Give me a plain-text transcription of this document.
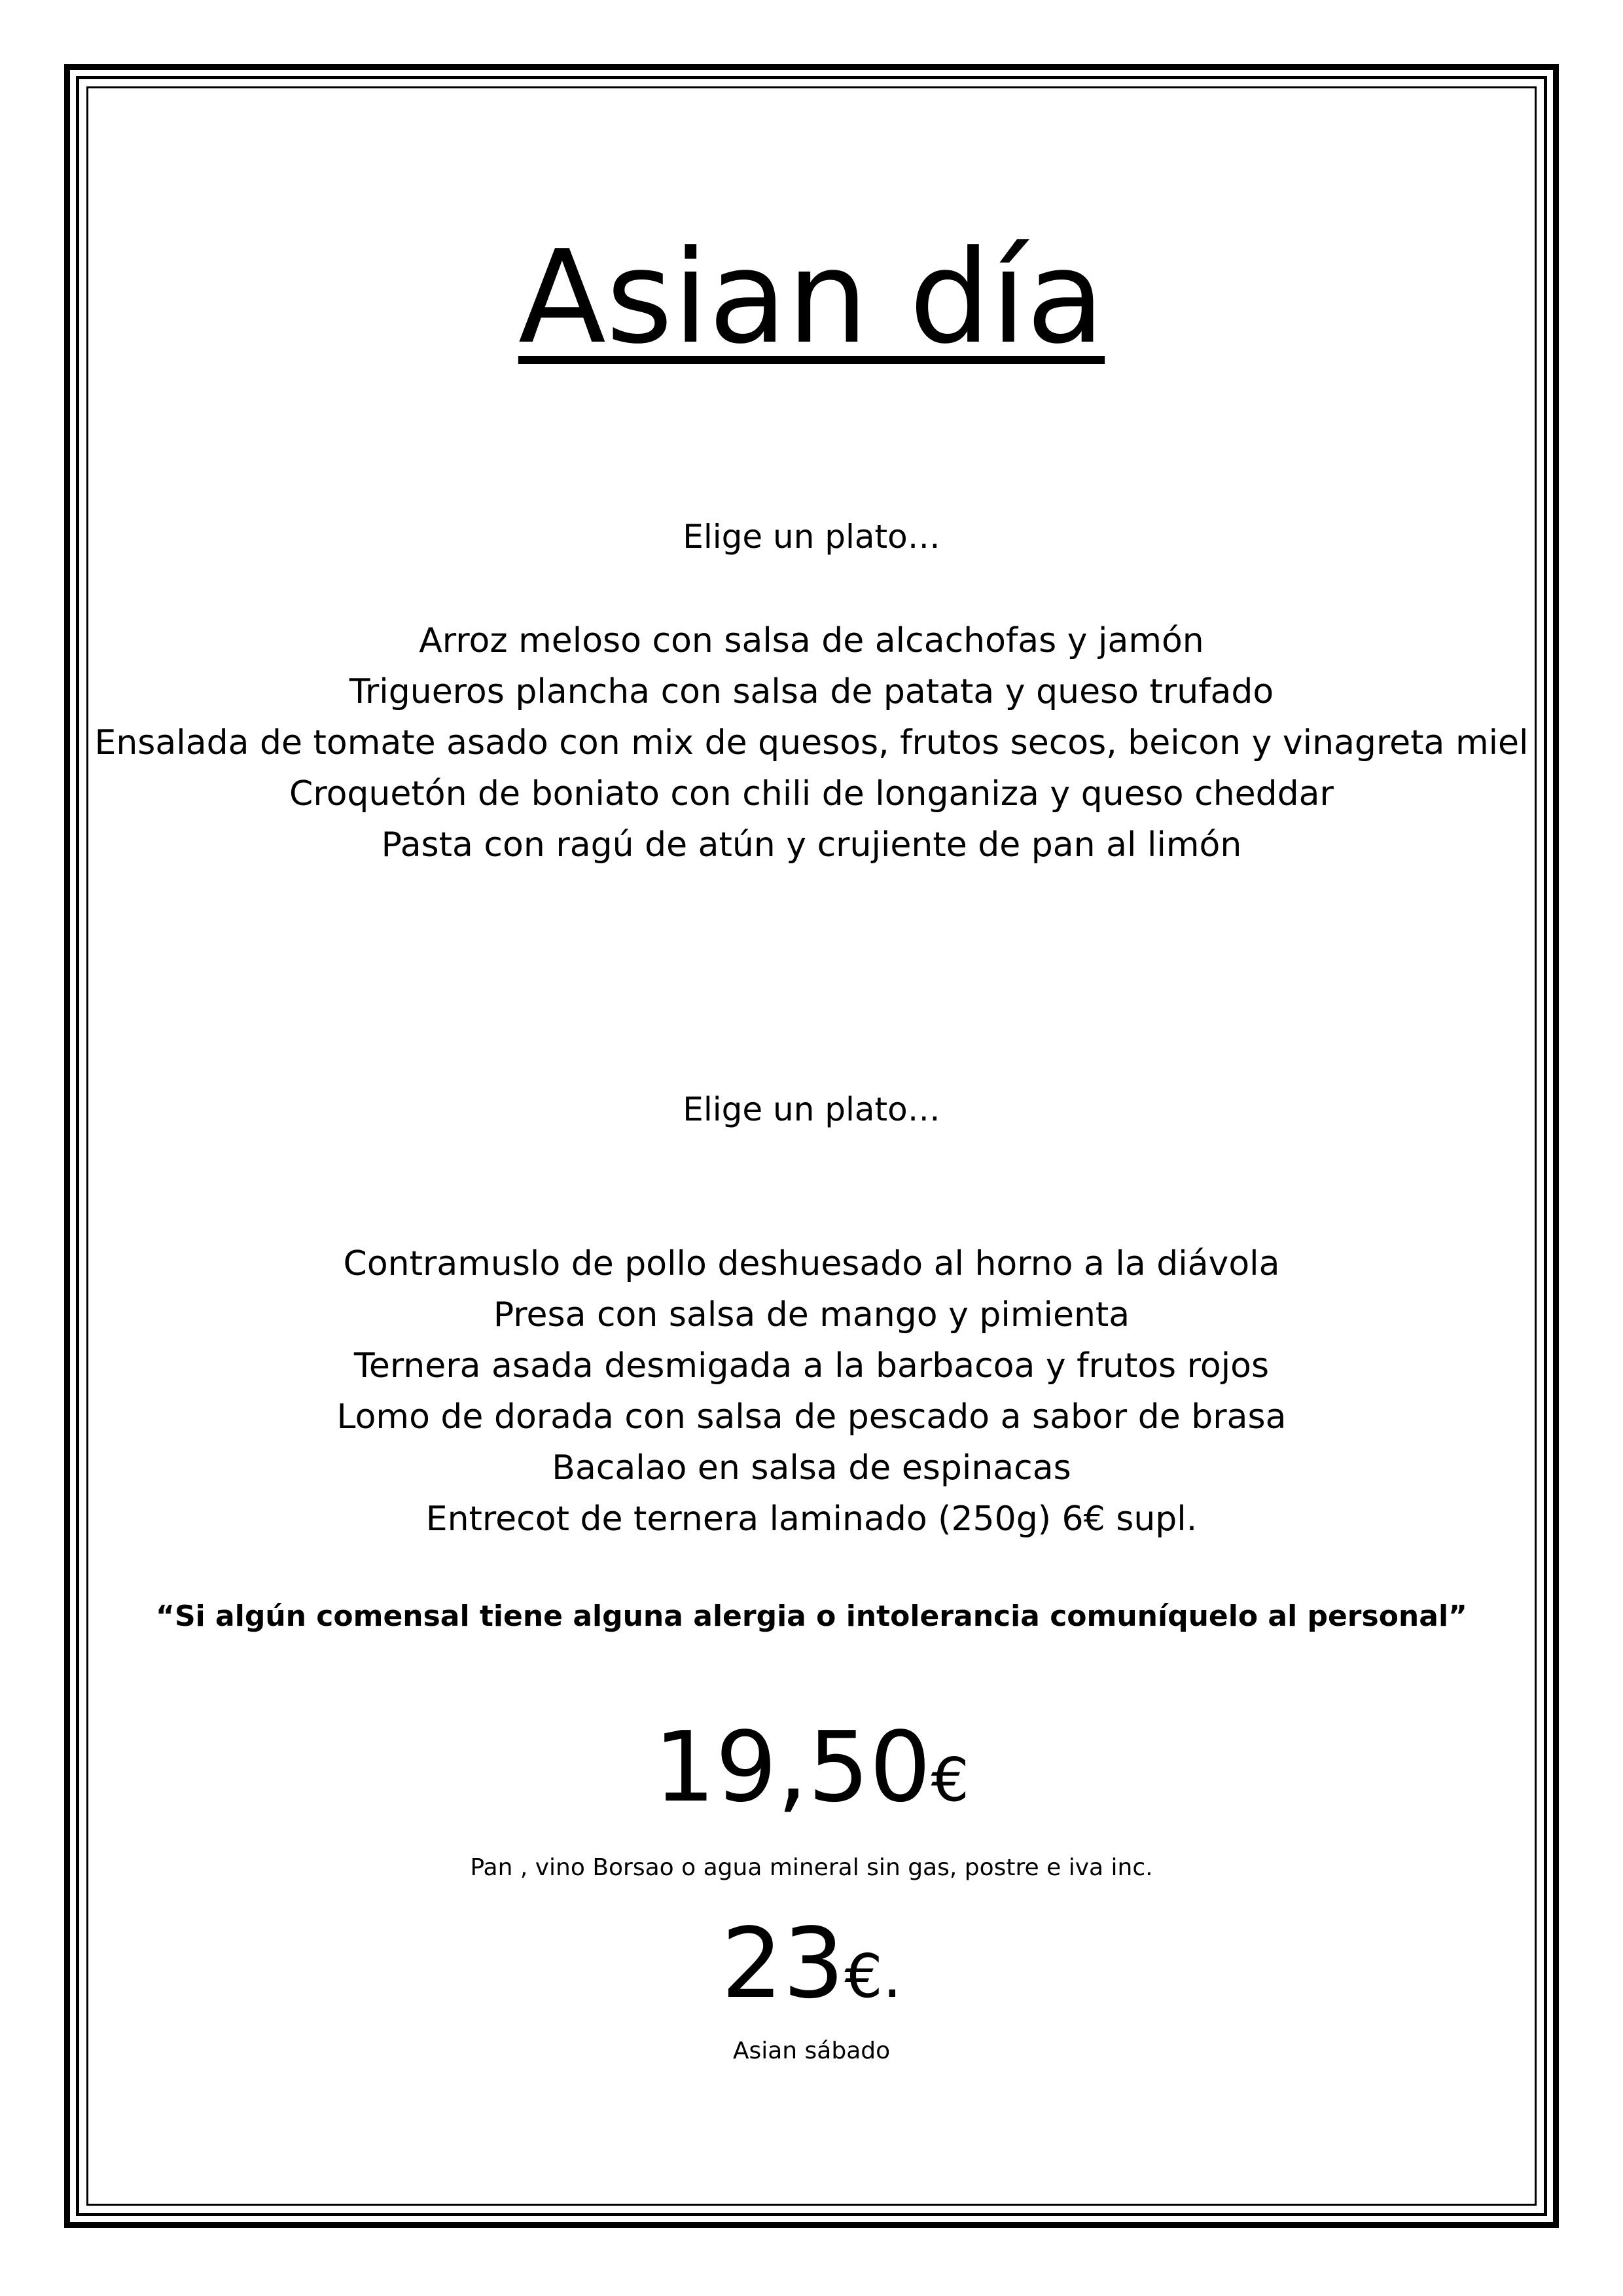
Asian día
Elige un plato…
Arroz meloso con salsa de alcachofas y jamón
Trigueros plancha con salsa de patata y queso trufado
Ensalada de tomate asado con mix de quesos, frutos secos, beicon y vinagreta miel
Croquetón de boniato con chili de longaniza y queso cheddar
Pasta con ragú de atún y crujiente de pan al limón
Elige un plato…
Contramuslo de pollo deshuesado al horno a la diávola
Presa con salsa de mango y pimienta
Ternera asada desmigada a la barbacoa y frutos rojos
Lomo de dorada con salsa de pescado a sabor de brasa
Bacalao en salsa de espinacas
Entrecot de ternera laminado (250g) 6€ supl.
“Si algún comensal tiene alguna alergia o intolerancia comuníquelo al personal”
19,50€
Pan , vino Borsao o agua mineral sin gas, postre e iva inc.
23€.
Asian sábado
